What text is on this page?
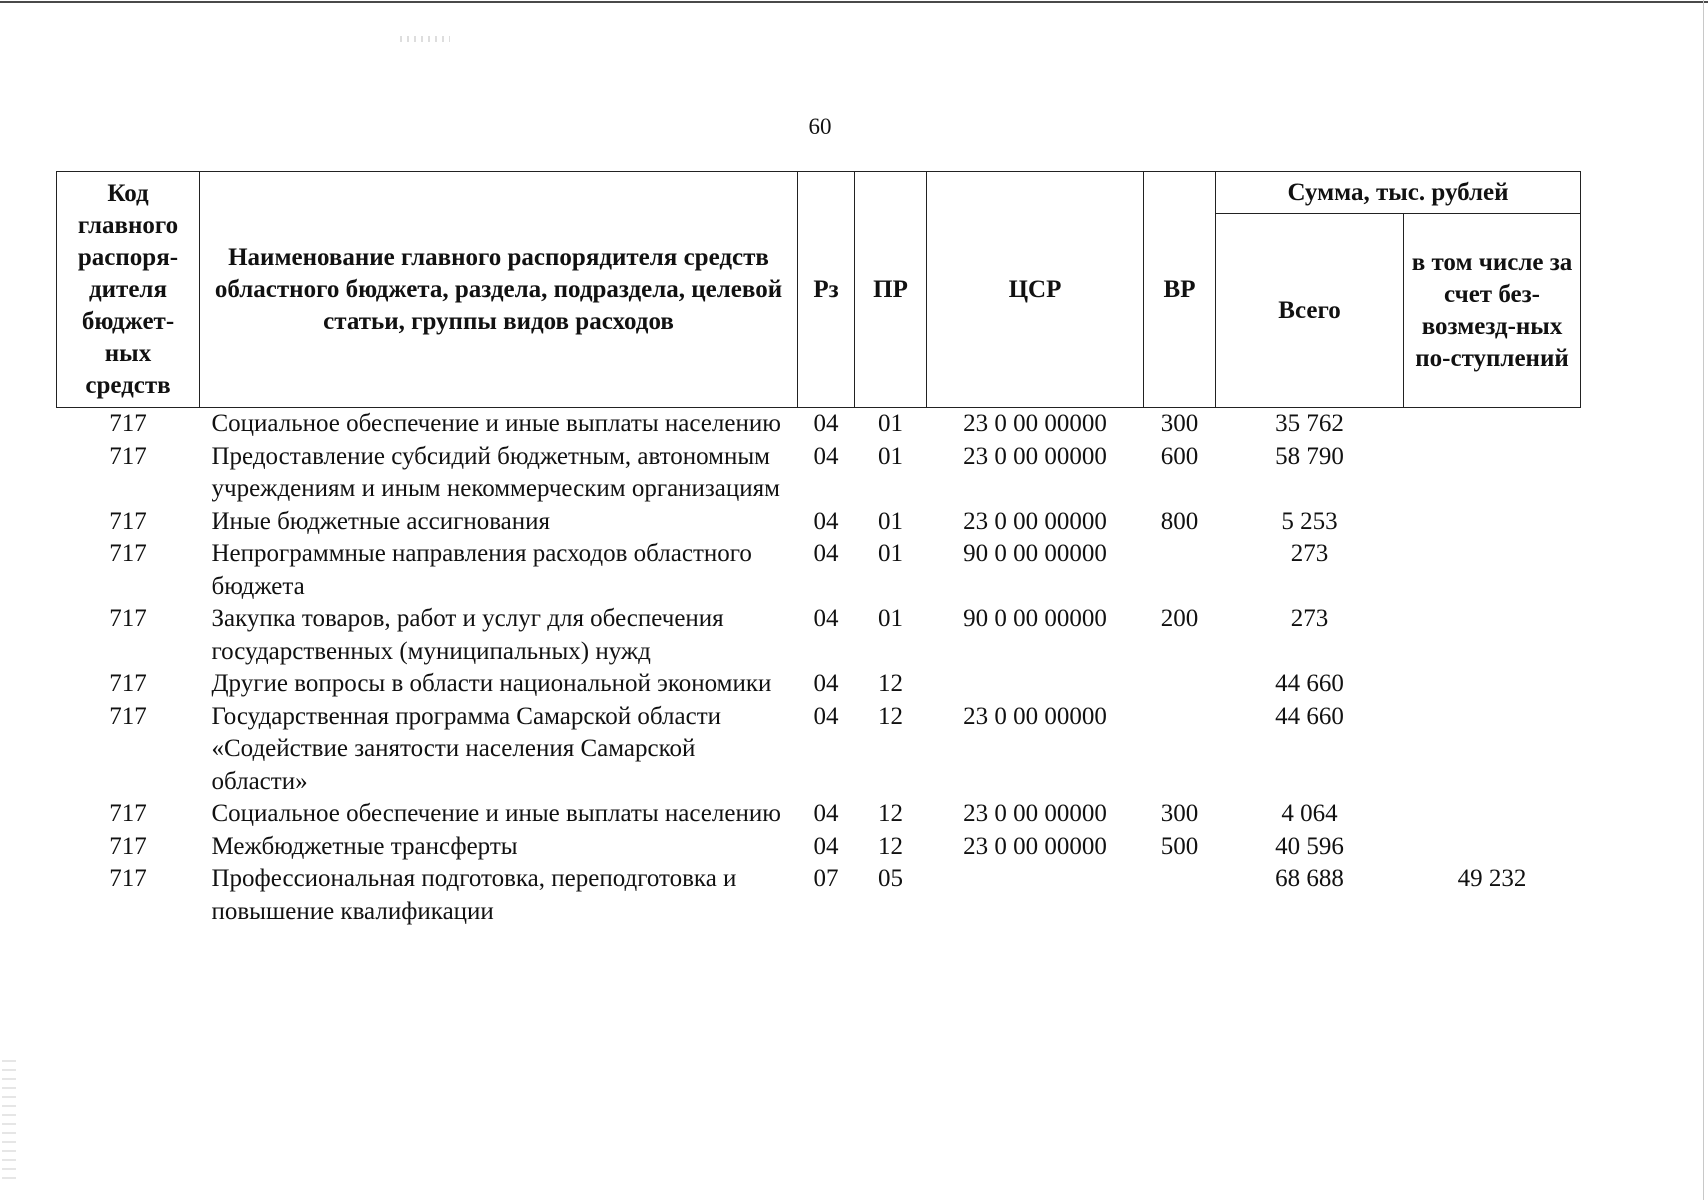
60
Код главного распоря-дителя бюджет-ных средств	Наименование главного распорядителя средств областного бюджета, раздела, подраздела, целевой статьи, группы видов расходов	Рз	ПР	ЦСР	ВР	Сумма, тыс. рублей	
						Всего	в том числе за счет без-возмезд-ных по-ступлений
717	Социальное обеспечение и иные выплаты населению	04	01	23 0 00 00000	300	35 762	
717	Предоставление субсидий бюджетным, автономным учреждениям и иным некоммерческим организациям	04	01	23 0 00 00000	600	58 790	
717	Иные бюджетные ассигнования	04	01	23 0 00 00000	800	5 253	
717	Непрограммные направления расходов областного бюджета	04	01	90 0 00 00000		273	
717	Закупка товаров, работ и услуг для обеспечения государственных (муниципальных) нужд	04	01	90 0 00 00000	200	273	
717	Другие вопросы в области национальной экономики	04	12			44 660	
717	Государственная программа Самарской области «Содействие занятости населения Самарской области»	04	12	23 0 00 00000		44 660	
717	Социальное обеспечение и иные выплаты населению	04	12	23 0 00 00000	300	4 064	
717	Межбюджетные трансферты	04	12	23 0 00 00000	500	40 596	
717	Профессиональная подготовка, переподготовка и повышение квалификации	07	05			68 688	49 232
